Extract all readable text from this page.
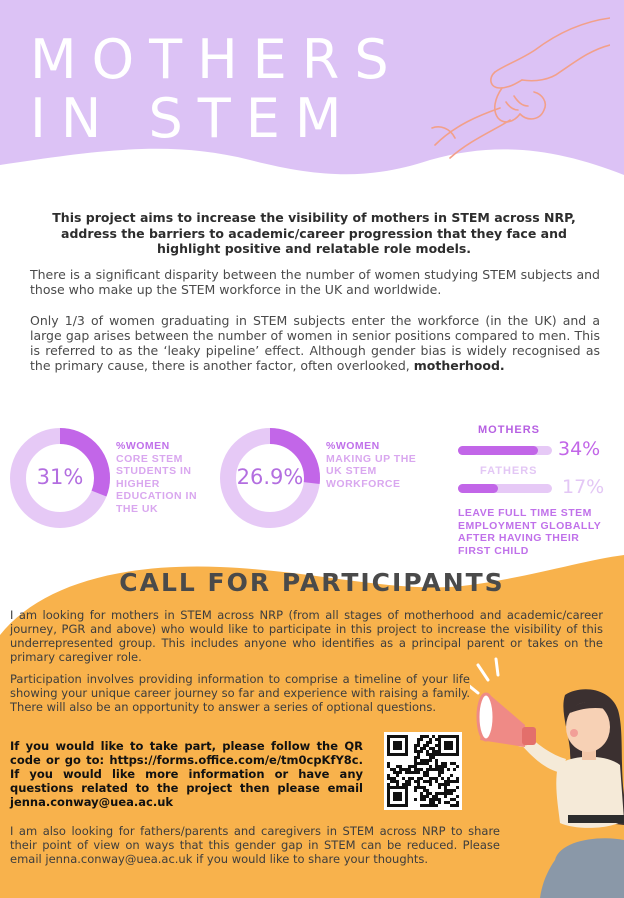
MOTHERS
IN STEM
This project aims to increase the visibility of mothers in STEM across NRP, address the barriers to academic/career progression that they face and highlight positive and relatable role models.
There is a significant disparity between the number of women studying STEM subjects and those who make up the STEM workforce in the UK and worldwide.
Only 1/3 of women graduating in STEM subjects enter the workforce (in the UK) and a large gap arises between the number of women in senior positions compared to men. This is referred to as the ‘leaky pipeline’ effect. Although gender bias is widely recognised as the primary cause, there is another factor, often overlooked, motherhood.
31%
%WOMEN
CORE STEM STUDENTS IN HIGHER EDUCATION IN THE UK
26.9%
%WOMEN
MAKING UP THE UK STEM WORKFORCE
MOTHERS
34%
FATHERS
17%
LEAVE FULL TIME STEM EMPLOYMENT GLOBALLY AFTER HAVING THEIR FIRST CHILD
CALL FOR PARTICIPANTS
I am looking for mothers in STEM across NRP (from all stages of motherhood and academic/career journey, PGR and above) who would like to participate in this project to increase the visibility of this underrepresented group. This includes anyone who identifies as a principal parent or takes on the primary caregiver role.
Participation involves providing information to comprise a timeline of your life showing your unique career journey so far and experience with raising a family. There will also be an opportunity to answer a series of optional questions.
If you would like to take part, please follow the QR code or go to: https://forms.office.com/e/tm0cpKfY8c. If you would like more information or have any questions related to the project then please email jenna.conway@uea.ac.uk
I am also looking for fathers/parents and caregivers in STEM across NRP to share their point of view on ways that this gender gap in STEM can be reduced. Please email jenna.conway@uea.ac.uk if you would like to share your thoughts.
